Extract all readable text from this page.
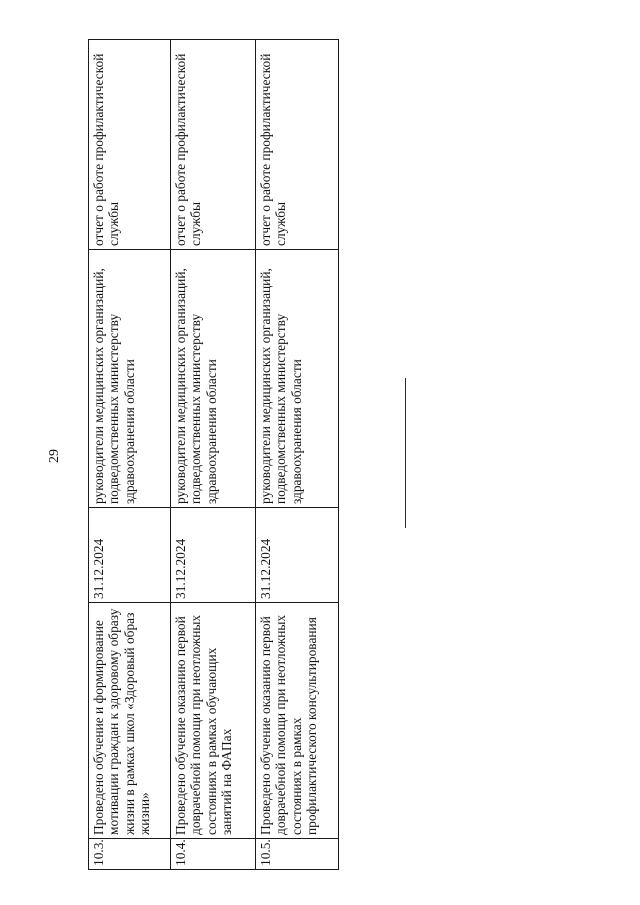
29
10.3.	Проведено обучение и формирование мотивации граждан к здоровому образу жизни в рамках школ «Здоровый образ жизни»	31.12.2024	руководители медицинских организаций, подведомственных министерству здравоохранения области	отчет о работе профилактической службы
10.4.	Проведено обучение оказанию первой доврачебной помощи при неотложных состояниях в рамках обучающих занятий на ФАПах	31.12.2024	руководители медицинских организаций, подведомственных министерству здравоохранения области	отчет о работе профилактической службы
10.5.	Проведено обучение оказанию первой доврачебной помощи при неотложных состояниях в рамках профилактического консультирования	31.12.2024	руководители медицинских организаций, подведомственных министерству здравоохранения области	отчет о работе профилактической службы
